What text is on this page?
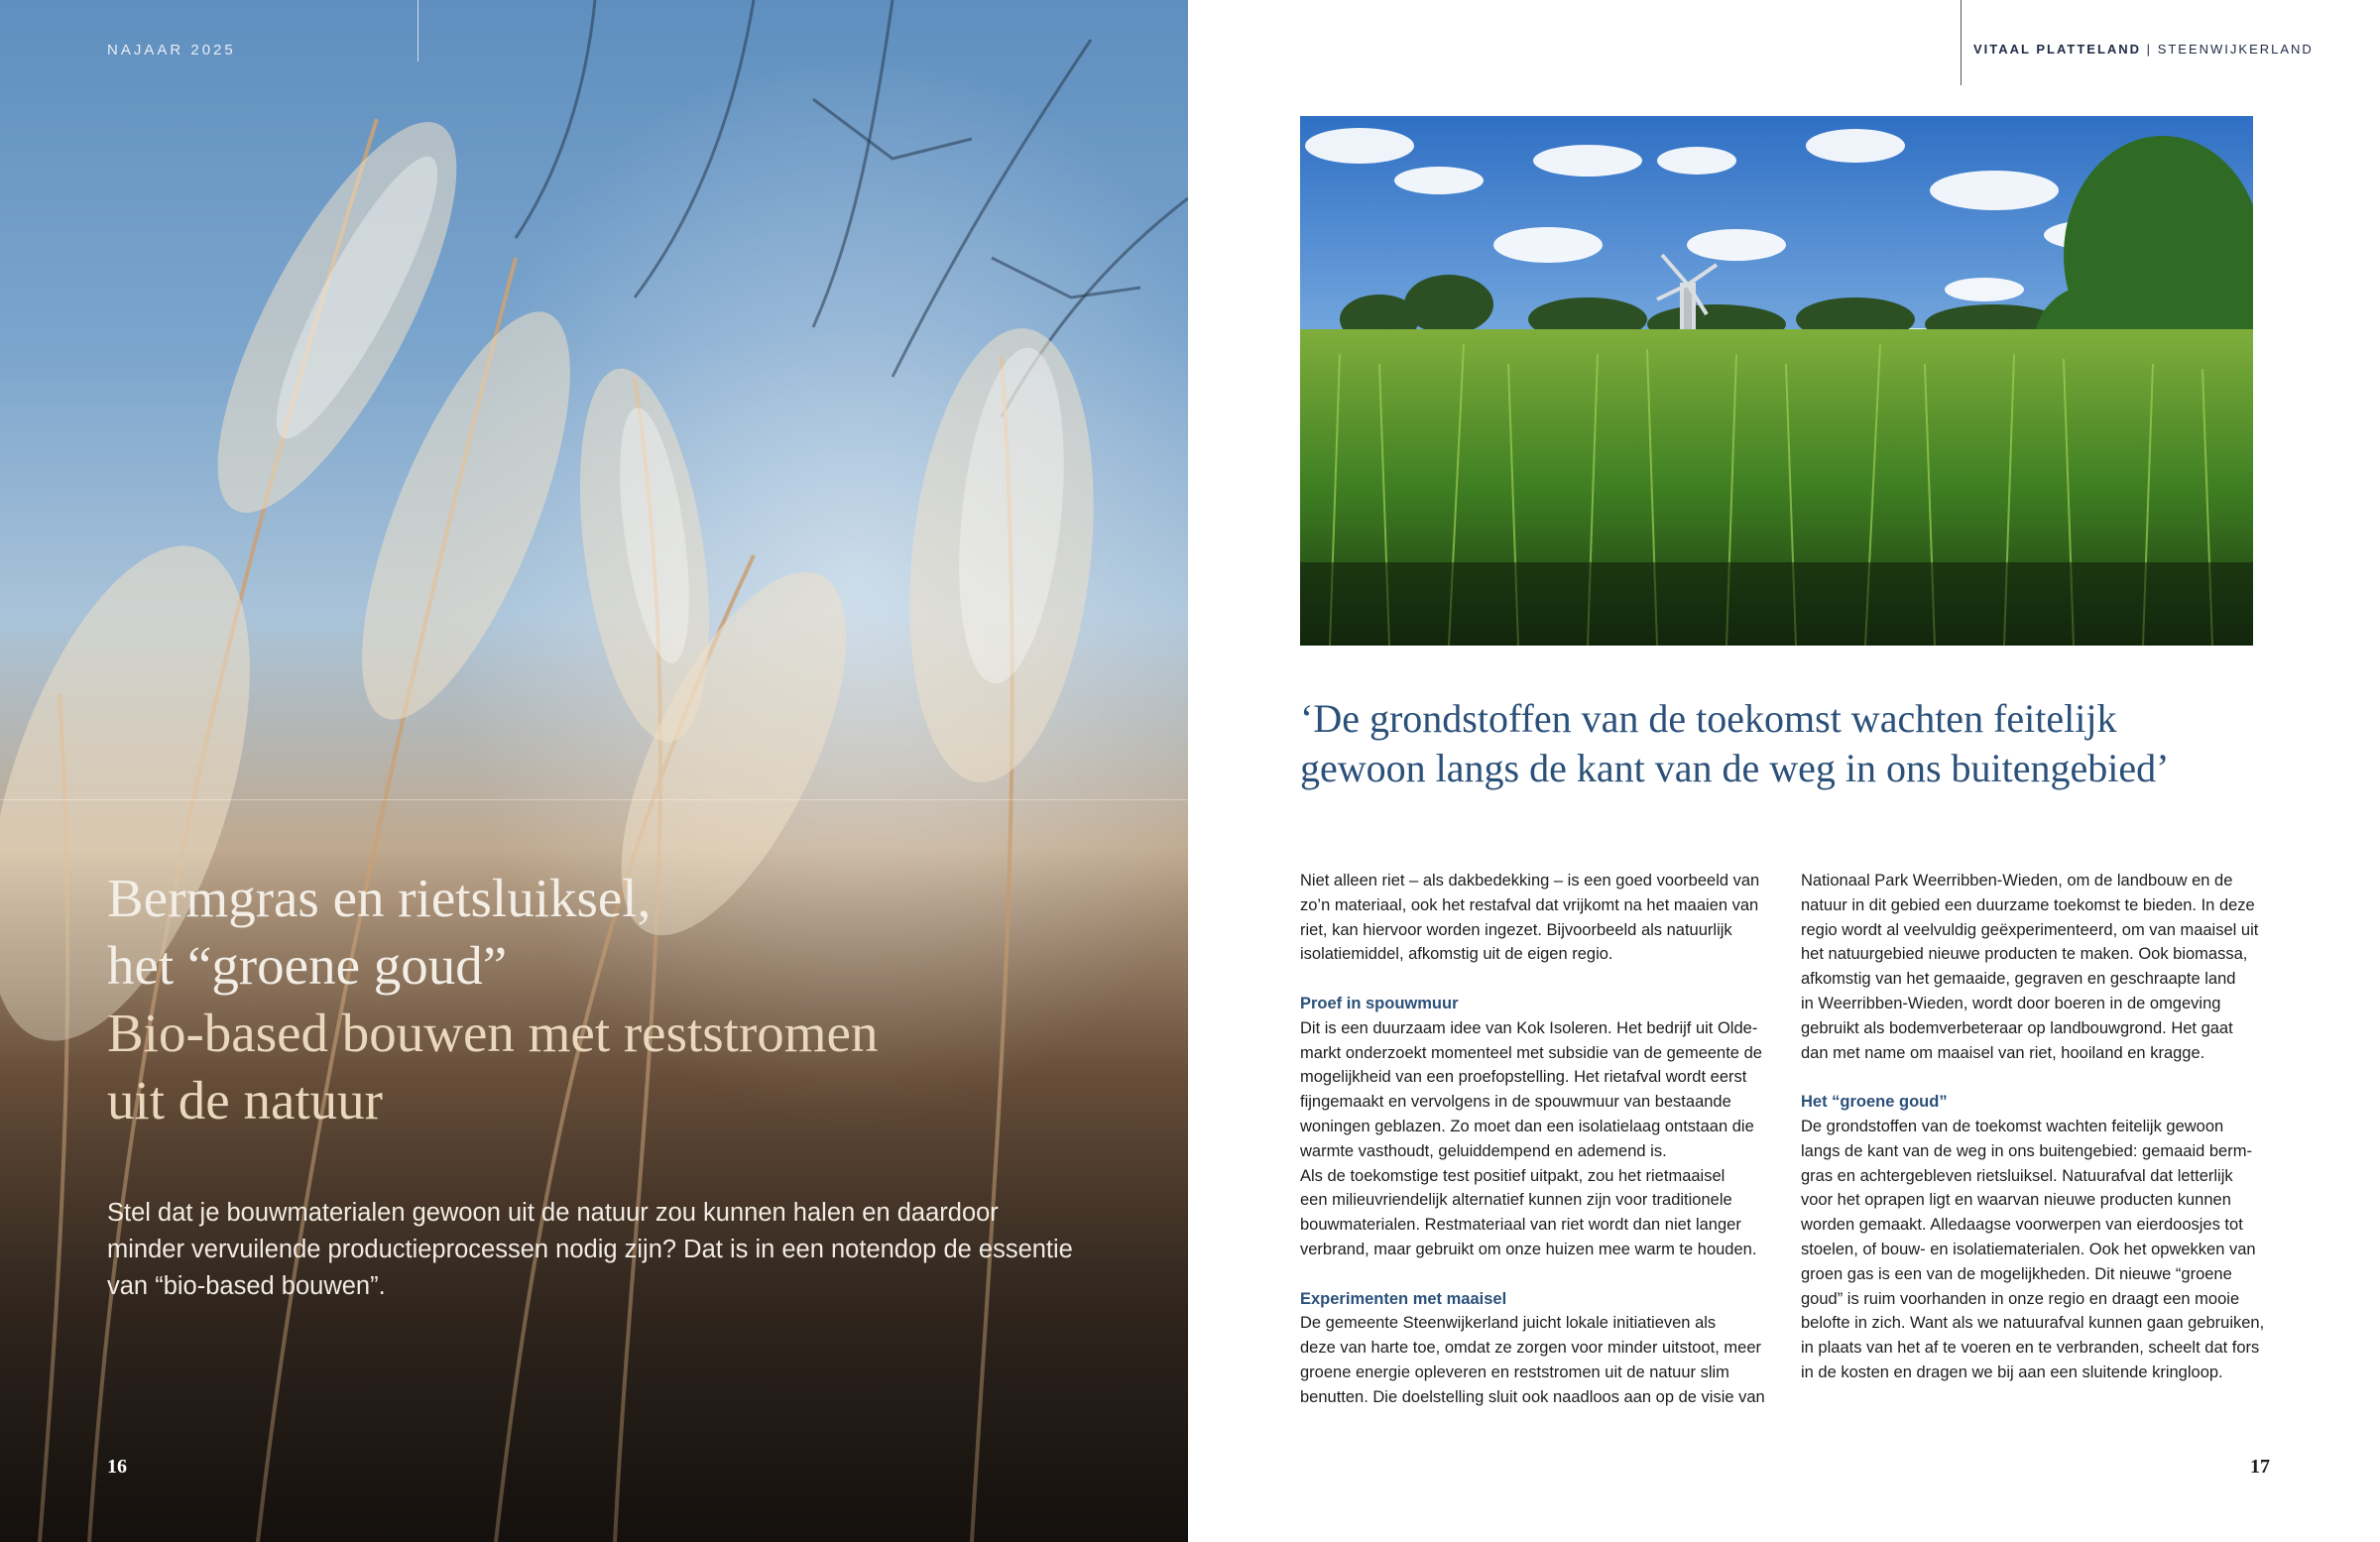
NAJAAR 2025
Bermgras en rietsluiksel,
het “groene goud”
Bio-based bouwen met reststromen
uit de natuur
Stel dat je bouwmaterialen gewoon uit de natuur zou kunnen halen en daardoor
minder vervuilende productieprocessen nodig zijn? Dat is in een notendop de essentie
van “bio-based bouwen”.
16
VITAAL PLATTELAND | STEENWIJKERLAND
‘De grondstoffen van de toekomst wachten feitelijk
gewoon langs de kant van de weg in ons buitengebied’

Niet alleen riet – als dakbedekking – is een goed voorbeeld van
zo’n materiaal, ook het restafval dat vrijkomt na het maaien van
riet, kan hiervoor worden ingezet. Bijvoorbeeld als natuurlijk
isolatiemiddel, afkomstig uit de eigen regio.

Proef in spouwmuur

Dit is een duurzaam idee van Kok Isoleren. Het bedrijf uit Olde-
markt onderzoekt momenteel met subsidie van de gemeente de
mogelijkheid van een proefopstelling. Het rietafval wordt eerst
fijngemaakt en vervolgens in de spouwmuur van bestaande
woningen geblazen. Zo moet dan een isolatielaag ontstaan die
warmte vasthoudt, geluiddempend en ademend is.
Als de toekomstige test positief uitpakt, zou het rietmaaisel
een milieuvriendelijk alternatief kunnen zijn voor traditionele
bouwmaterialen. Restmateriaal van riet wordt dan niet langer
verbrand, maar gebruikt om onze huizen mee warm te houden.

Experimenten met maaisel

De gemeente Steenwijkerland juicht lokale initiatieven als
deze van harte toe, omdat ze zorgen voor minder uitstoot, meer
groene energie opleveren en reststromen uit de natuur slim
benutten. Die doelstelling sluit ook naadloos aan op de visie van

Nationaal Park Weerribben-Wieden, om de landbouw en de
natuur in dit gebied een duurzame toekomst te bieden. In deze
regio wordt al veelvuldig geëxperimenteerd, om van maaisel uit
het natuurgebied nieuwe producten te maken. Ook biomassa,
afkomstig van het gemaaide, gegraven en geschraapte land
in Weerribben-Wieden, wordt door boeren in de omgeving
gebruikt als bodemverbeteraar op landbouwgrond. Het gaat
dan met name om maaisel van riet, hooiland en kragge.

Het “groene goud”

De grondstoffen van de toekomst wachten feitelijk gewoon
langs de kant van de weg in ons buitengebied: gemaaid berm-
gras en achtergebleven rietsluiksel. Natuurafval dat letterlijk
voor het oprapen ligt en waarvan nieuwe producten kunnen
worden gemaakt. Alledaagse voorwerpen van eierdoosjes tot
stoelen, of bouw- en isolatiematerialen. Ook het opwekken van
groen gas is een van de mogelijkheden. Dit nieuwe “groene
goud” is ruim voorhanden in onze regio en draagt een mooie
belofte in zich. Want als we natuurafval kunnen gaan gebruiken,
in plaats van het af te voeren en te verbranden, scheelt dat fors
in de kosten en dragen we bij aan een sluitende kringloop.

17
